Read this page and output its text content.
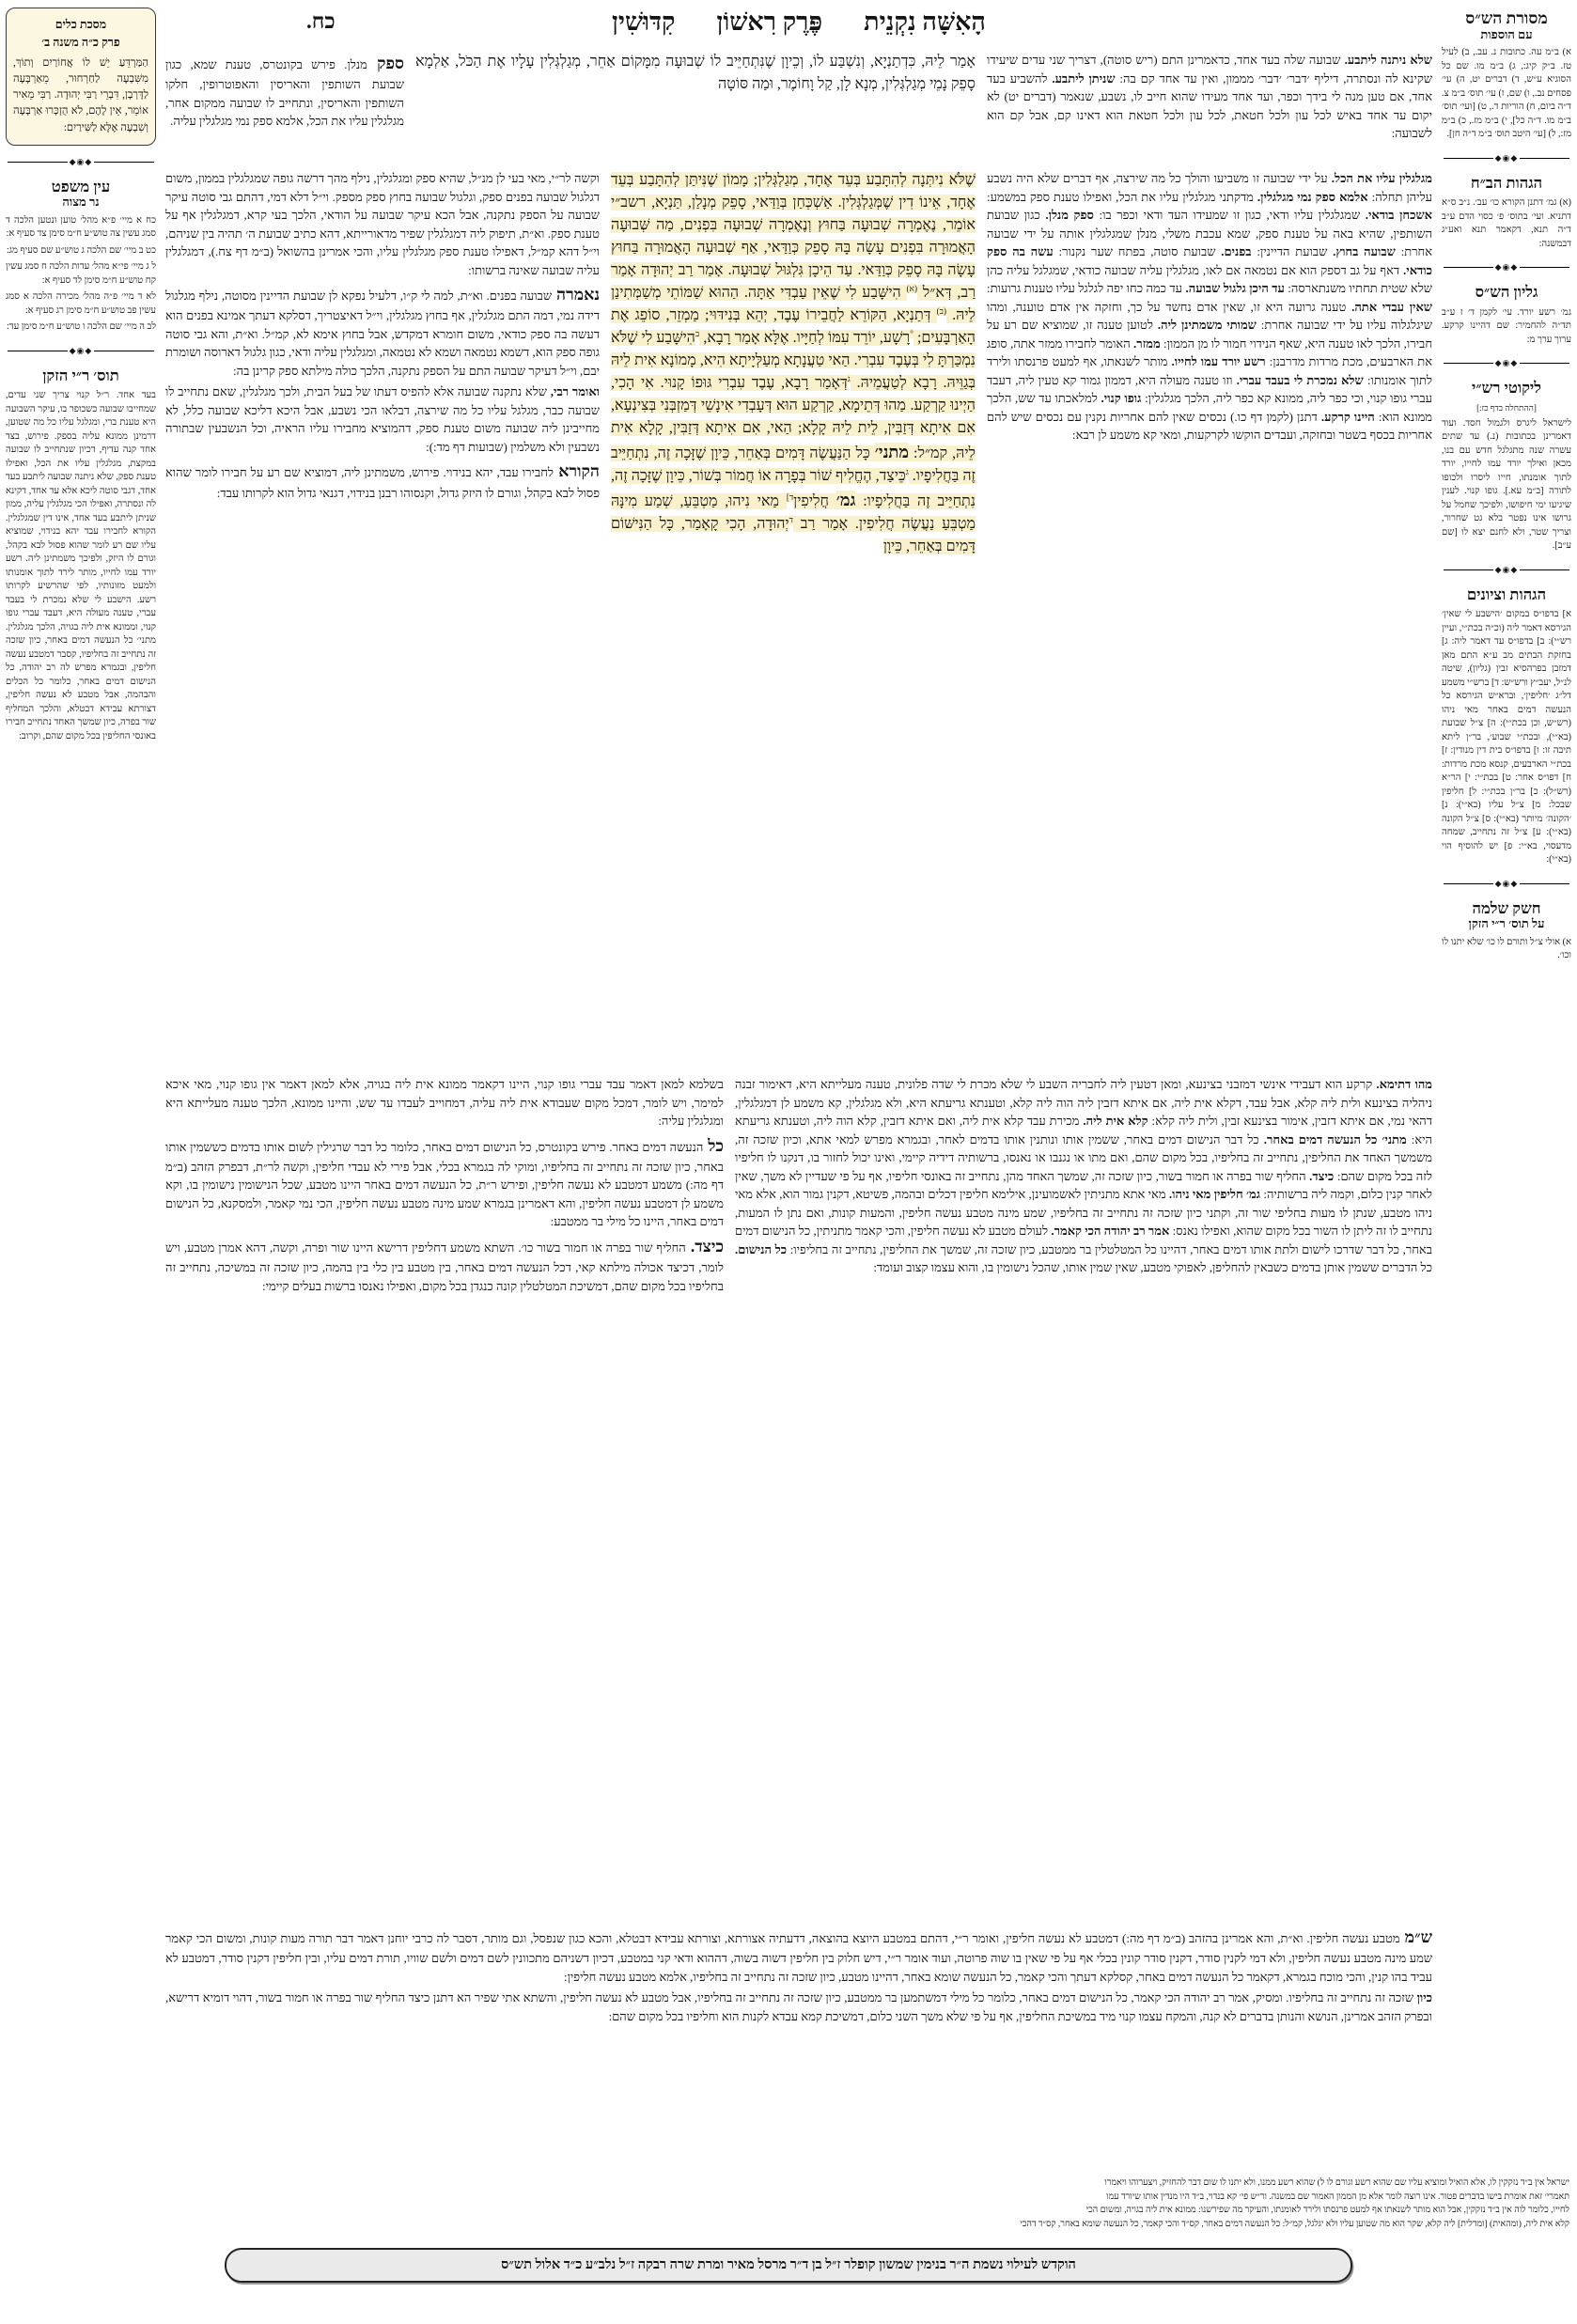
מסורת הש״ס
עם הוספות
א) ב״מ עה. כתובות נ. עב., ב) לעיל טז. ב״ק קיג:, ג) ב״מ מו. שם כל הסוגיא ע״ש, ד) דברים יט, ה) עי׳ פסחים נב., ו) שם, ז) עי׳ תוס׳ ב״מ צ. ד״ה ביום, ח) הוריות ד., ט) [ועי׳ תוס׳ ב״מ מו. ד״ה כל], י) ב״מ מז., כ) ב״מ מז:, ל) [עי׳ היטב תוס׳ ב״מ ד״ה חן].
◆◉◆
הגהות הב״ח
(א) גמ׳ דתנן הקורא כו׳ עב׳. נ״ב ס״א דתניא. ועי׳ בתוס׳ פ׳ כסוי הדם ע״ב ד״ה תנא, דקאמר תנא ואע״ג דבמשנה:
◆◉◆
גליון הש״ס
גמ׳ רשע יורד. עי׳ לקמן ד׳ ז ע״ב תד״ה להחמיר: שם דהיינו קרקע. ערוך ערך מ:
◆◉◆
ליקוטי רש״י
[ההתחלה בדף כז:]
לישראל ליגרס ולגמול חסד. ועוד דאמרינן בכתובות (נ.) עד שתים עשרה שנה מתגלגל חדש עם בנו, מכאן ואילך יורד עמו לחייו, יורד לתוך אומנתו, חייו ליסרו ולכופו לתורה [ב״מ עא.]. גופו קנוי. לענין שיגיעו ימי חיפושו, ולפיכך שחמל על גרושו אינו נפטר בלא גט שחרור, וצריך שטר, ולא לחנם יצא לו [שם ע״ב].
◆◉◆
הגהות וציונים
א] בדפו״ס במקום ׳הישבע לי שאין׳ הגירסא דאמר ליה (וכ״ה בכת״י, ועיין רש״י): ב] בדפו״ס עד דאמר ליה: ג] בחזקת הבתים מב ע״א התם מאן דמזבן בפרהסיא זבין (גליון), שיטה לנ״ל, יעב״ץ ורש״ש: ד] ברש״י משמע דל״ג ׳חליפין׳, וברא״ש הגירסא כל הנעשה דמים באחר מאי ניהו (רש״ש, וכן בכת״י): ה] צ״ל שבועת (בא״י), ובכת״י שבוע׳, בר״ן ליתא תיבה זו: ו] בדפו״ס בית דין מנודין: ז] בכת״י הארבעים, קנסא מכת מרדות: ח] דפו״ס אחר: ט] בכת״י: י] הר״א (רש״ל): כ] בר״ן בכת״י: ל] חליפין שבכל: מ] צ״ל עליו (בא״י): נ] ׳הקונה׳ מיותר (בא״י): ס] צ״ל הקונה (בא״י): ע] צ״ל זה נתחייב, שמחה מדעסוי, בא״י: פ] יש להוסיף הוי (בא״י):
◆◉◆
חשק שלמה
על תוס׳ ר״י הזקן
א) אולי צ״ל ותורם לו כו׳ שלא יתנו לו וכו׳.
כח.	הָאִשָּׁה נִקְנֵית
פֶּרֶק רִאשׁוֹן
קִדּוּשִׁין

שלא ניתנה ליתבע. שבועה שלה בעד אחד, כדאמרינן התם (ריש סוטה), דצריך שני עדים שיעידו שקינא לה ונסתרה, דיליף ׳דבר׳ ׳דבר׳ מממון, ואין עד אחד קם בה:

שניתן ליתבע. להשביע בעד אחד, אם טען מנה לי בידך וכפר, ועד אחד מעידו שהוא חייב לו, נשבע, שנאמר (דברים יט) לא יקום עד אחד באיש לכל עון ולכל חטאת, לכל עון ולכל חטאת הוא דאינו קם, אבל קם הוא לשבועה:

אָמַר לֵיהּ, כִּדְתַנְיָא, וְנִשְׁבַּע לוֹ, וְכֵיוָן שֶׁנִּתְחַיֵּיב לוֹ שְׁבוּעָה מִמָּקוֹם אַחֵר, מְגַלְגְּלִין עָלָיו אֶת הַכֹּל, אַלְמָא סָפֵק נָמֵי מְגַלְגְּלִין, מְנָא לָן, קַל וָחוֹמֶר, וּמַה סּוֹטָה

ספק מנלן. פירש בקונטרס, טענת שמא, כגון שבועת השותפין והאריסין והאפוטרופין, חלקו השותפין והאריסין, ונתחייב לו שבועה ממקום אחר, מגלגלין עליו את הכל, אלמא ספק נמי מגלגלין עליה.

מגלגלין עליו את הכל. על ידי שבועה זו משביעו והולך כל מה שירצה, אף דברים שלא היה נשבע עליהן תחלה:

אלמא ספק נמי מגלגלין. מדקתני מגלגלין עליו את הכל, ואפילו טענת ספק במשמע:

אשכחן בודאי. שמגלגלין עליו ודאי, כגון זו שמעידו העד ודאי וכפר בו:

ספק מנלן. כגון שבועת השותפין, שהיא באה על טענת ספק, שמא עכבת משלי, מנלן שמגלגלין אותה על ידי שבועה אחרת:

שבועה בחוץ. שבועת הדיינין:

בפנים. שבועת סוטה, בפתח שער נקנור:

עשה בה ספק כודאי. דאף על גב דספק הוא אם נטמאה אם לאו, מגלגלין עליה שבועה כודאי, שמגלגל עליה כהן שלא שטית תחתיו משנתארסה:

עד היכן גלגול שבועה. עד כמה כחו יפה לגלגל עליו טענות גרועות:

שאין עבדי אתה. טענה גרועה היא זו, שאין אדם נחשד על כך, וחזקה אין אדם טוענה, ומהו שיגלגלוה עליו על ידי שבועה אחרת:

שמותי משמתינן ליה. לטוען טענה זו, שמוציא שם רע על חבירו, הלכך לאו טענה היא, שאף הנידוי חמור לו מן הממון:

ממזר. האומר לחבירו ממזר אתה, סופג את הארבעים, מכת מרדות מדרבנן:

רשע יורד עמו לחייו. מותר לשנאתו, אף למעט פרנסתו ולירד לתוך אומנותו:

שלא נמכרת לי בעבד עברי. וזו טענה מעולה היא, דממון גמור קא טעין ליה, דעבד עברי גופו קנוי, וכי כפר ליה, ממונא קא כפר ליה, הלכך מגלגלין:

גופו קנוי. למלאכתו עד שש, הלכך ממונא הוא:

היינו קרקע. דתנן (לקמן דף כו.) נכסים שאין להם אחריות נקנין עם נכסים שיש להם אחריות בכסף בשטר ובחזקה, ועבדים הוקשו לקרקעות, ומאי קא משמע לן רבא:

שֶׁלֹּא נִיתְּנָה לְהִתָּבַע בְּעֵד אֶחָד, מְגַלְגְּלִין; מָמוֹן שֶׁנִּיתַּן לְהִתָּבַע בְּעֵד אֶחָד, אֵינוֹ דִין שֶׁמְּגַלְגְּלִין. אַשְׁכְּחַן בְּוַדַּאי, סָפֵק מְנָלַן, תַּנְיָא, רשב״י אוֹמֵר, נֶאֶמְרָה שְׁבוּעָה בַּחוּץ וְנֶאֶמְרָה שְׁבוּעָה בִּפְנִים, מַה שְּׁבוּעָה הָאֲמוּרָה בִּפְנִים עָשָׂה בָּהּ סָפֵק כְּוַדַּאי, אַף שְׁבוּעָה הָאֲמוּרָה בַּחוּץ עָשָׂה בָּהּ סָפֵק כְּוַדַּאי. עַד הֵיכָן גִּלְגּוּל שְׁבוּעָה. אָמַר רַב יְהוּדָה אָמַר רַב, דְּא״ל $^{(א)}$ הִישָּׁבַע לִי שֶׁאֵין עַבְדִּי אַתָּה. הַהוּא שַׁמּוֹתֵי מְשַׁמְּתִינַן לֵיהּ. $^{(ב)}$ דְּתַנְיָא, הַקּוֹרֵא לַחֲבֵירוֹ עֶבֶד, יְהֵא בְּנִידּוּי; מַמְזֵר, סוֹפֵג אֶת הָאַרְבָּעִים; °רָשָׁע, יוֹרֵד עִמּוֹ לְחַיָּיו. אֶלָּא אָמַר רָבָא, $^ב$הִישָּׁבַע לִי שֶׁלֹּא נִמְכַּרְתָּ לִי בְּעֶבֶד עִבְרִי. הַאי טַעֲנָתָא מְעַלְּיָיתָא הִיא, מָמוֹנָא אִית לֵיהּ בְּגַוֵּיהּ. רָבָא לְטַעֲמֵיהּ. $^ג$דְּאָמַר רָבָא, עֶבֶד עִבְרִי גּוּפוֹ קָנוּי. אִי הָכִי, הַיְינוּ קַרְקַע. מַהוּ דְּתֵימָא, קַרְקַע הוּא דְּעָבְדִי אִינָשֵׁי דְּמַזְבְּנִי בְּצִינְעָא, אִם אִיתָא דְּזַבִּין, לֵית לֵיהּ קָלָא; הַאי, אִם אִיתָא דְּזַבִּין, קָלָא אִית לֵיהּ, קמ״ל: מתני׳ כָּל הַנַּעֲשֶׂה דָּמִים בְּאַחֵר, כֵּיוָן שֶׁזָּכָה זֶה, נִתְחַיֵּיב זֶה בַּחֲלִיפָיו. $^ג$כֵּיצַד, הֶחֱלִיף שׁוֹר בְּפָרָה אוֹ חֲמוֹר בְּשׁוֹר, כֵּיוָן שֶׁזָּכָה זֶה, נִתְחַיֵּיב זֶה בַּחֲלִיפָיו: גמ׳ חֲלִיפִין$^{ד]}$ מַאי נִיהוּ, מַטְבֵּעַ, שְׁמַע מִינָּהּ מַטְבֵּעַ נַעֲשֶׂה חֲלִיפִין. אָמַר רַב $^ד$יְהוּדָה, הָכִי קָאָמַר, כָּל הַנִּישּׁוֹם דָּמִים בְּאַחֵר, כֵּיוָן

וקשה לר״י, מאי בעי לן מנ״ל, שהיא ספק ומגלגלין, נילף מהך דרשה גופה שמגלגלין בממון, משום דגלגול שבועה בפנים ספק, וגלגול שבועה בחוץ ספק מספק. וי״ל דלא דמי, דהתם גבי סוטה עיקר שבועה על הספק נתקנה, אבל הכא עיקר שבועה על הודאי, הלכך בעי קרא, דמגלגלין אף על טענת ספק. וא״ת, תיפוק ליה דמגלגלין שפיר מדאורייתא, דהא כתיב שבועת ה׳ תהיה בין שניהם, וי״ל דהא קמ״ל, דאפילו טענת ספק מגלגלין עליו, והכי אמרינן בהשואל (ב״מ דף צח.), דמגלגלין עליה שבועה שאינה ברשותו:

נאמרה שבועה בפנים. וא״ת, למה לי ק״ו, דלעיל נפקא לן שבועת הדיינין מסוטה, נילף מגלגול דידה נמי, דמה התם מגלגלין, אף בחוץ מגלגלין, וי״ל דאיצטריך, דסלקא דעתך אמינא בפנים הוא דעשה בה ספק כודאי, משום חומרא דמקדש, אבל בחוץ אימא לא, קמ״ל. וא״ת, והא גבי סוטה גופה ספק הוא, דשמא נטמאה ושמא לא נטמאה, ומגלגלין עליה ודאי, כגון גלגול דארוסה ושומרת יבם, וי״ל דעיקר שבועה התם על הספק נתקנה, הלכך כולה מילתא ספק קרינן בה:

ואומר רבי, שלא נתקנה שבועה אלא להפיס דעתו של בעל הבית, ולכך מגלגלין, שאם נתחייב לו שבועה כבר, מגלגל עליו כל מה שירצה, דבלאו הכי נשבע, אבל היכא דליכא שבועה כלל, לא מחייבינן ליה שבועה משום טענת ספק, דהמוציא מחבירו עליו הראיה, וכל הנשבעין שבתורה נשבעין ולא משלמין (שבועות דף מד:):

הקורא לחבירו עבד, יהא בנידוי. פירוש, משמתינן ליה, דמוציא שם רע על חבירו לומר שהוא פסול לבא בקהל, וגורם לו היזק גדול, וקנסוהו רבנן בנידוי, דגנאי גדול הוא לקרותו עבד:

מהו דתימא. קרקע הוא דעבידי אינשי דמזבני בצינעא, ומאן דטעין ליה לחבריה השבע לי שלא מכרת לי שדה פלונית, טענה מעלייתא היא, דאימור זבנה ניהליה בצינעא ולית ליה קלא, אבל עבד, דקלא אית ליה, אם איתא דזבין ליה הוה ליה קלא, וטענתא גריעתא היא, ולא מגלגלין, קא משמע לן דמגלגלין, דהאי נמי, אם איתא דזבין, אימור בצינעא זבין, ולית ליה קלא:

קלא אית ליה. מכירת עבד קלא אית ליה, ואם איתא דזבין, קלא הוה ליה, וטענתא גריעתא היא:

מתני׳ כל הנעשה דמים באחר. כל דבר הנישום דמים באחר, ששמין אותו ונותנין אותו בדמים לאחר, ובגמרא מפרש למאי אתא, וכיון שזכה זה, משמשך האחד את החליפין, נתחייב זה בחליפיו, בכל מקום שהם, ואם מתו או נגנבו או נאנסו, ברשותיה דידיה קיימי, ואינו יכול לחזור בו, דנקנו לו חליפיו לזה בכל מקום שהם:

כיצד. החליף שור בפרה או חמור בשור, כיון שזכה זה, שמשך האחד מהן, נתחייב זה באונסי חליפיו, אף על פי שעדיין לא משך, שאין לאחר קנין כלום, וקמה ליה ברשותיה:

גמ׳ חליפין מאי ניהו. מאי אתא מתניתין לאשמועינן, אילימא חליפין דכלים ובהמה, פשיטא, דקנין גמור הוא, אלא מאי ניהו מטבע, שנתן לו מעות בחליפי שור זה, וקתני כיון שזכה זה נתחייב זה בחליפיו, שמע מינה מטבע נעשה חליפין, והמעות קונות, ואם נתן לו המעות, נתחייב לו זה ליתן לו השור בכל מקום שהוא, ואפילו נאנס:

אמר רב יהודה הכי קאמר. לעולם מטבע לא נעשה חליפין, והכי קאמר מתניתין, כל הנישום דמים באחר, כל דבר שדרכו לישום ולתת אותו דמים באחר, דהיינו כל המטלטלין בר ממטבע, כיון שזכה זה, שמשך את החליפין, נתחייב זה בחליפיו:

כל הנישום. כל הדברים ששמין אותן בדמים כשבאין להחליפן, לאפוקי מטבע, שאין שמין אותו, שהכל נישומין בו, והוא עצמו קצוב ועומד:

בשלמא למאן דאמר עבד עברי גופו קנוי, היינו דקאמר ממונא אית ליה בגויה, אלא למאן דאמר אין גופו קנוי, מאי איכא למימר, ויש לומר, דמכל מקום שעבודא אית ליה עליה, דמחוייב לעבדו עד שש, והיינו ממונא, הלכך טענה מעלייתא היא ומגלגלין עליה:

כל הנעשה דמים באחר. פירש בקונטרס, כל הנישום דמים באחר, כלומר כל דבר שרגילין לשום אותו בדמים כששמין אותו באחר, כיון שזכה זה נתחייב זה בחליפיו, ומוקי לה בגמרא בכלי, אבל פירי לא עבדי חליפין, וקשה לר״ת, דבפרק הזהב (ב״מ דף מה:) משמע דמטבע לא נעשה חליפין, ופירש ר״ת, כל הנעשה דמים באחר היינו מטבע, שכל הנישומין נישומין בו, וקא משמע לן דמטבע נעשה חליפין, והא דאמרינן בגמרא שמע מינה מטבע נעשה חליפין, הכי נמי קאמר, ולמסקנא, כל הנישום דמים באחר, היינו כל מילי בר ממטבע:

כיצד. החליף שור בפרה או חמור בשור כו׳. השתא משמע דחליפין דרישא היינו שור ופרה, וקשה, דהא אמרן מטבע, ויש לומר, דכיצד אכולה מילתא קאי, דכל הנעשה דמים באחר, בין מטבע בין כלי בין בהמה, כיון שזכה זה במשיכה, נתחייב זה בחליפיו בכל מקום שהם, דמשיכת המטלטלין קונה כנגדן בכל מקום, ואפילו נאנסו ברשות בעלים קיימי:

ש״מ מטבע נעשה חליפין. וא״ת, והא אמרינן בהזהב (ב״מ דף מה:) דמטבע לא נעשה חליפין, ואומר ר״י, דהתם במטבע היוצא בהוצאה, דדעתיה אצורתא, וצורתא עבידא דבטלא, והכא כגון שנפסל, וגם מותר, דסבר לה כרבי יוחנן דאמר דבר תורה מעות קונות, ומשום הכי קאמר שמע מינה מטבע נעשה חליפין, ולא דמי לקנין סודר, דקנין סודר קונין בכלי אף על פי שאין בו שוה פרוטה, ועוד אומר ר״י, דיש חלוק בין חליפין דשוה בשוה, דההוא ודאי קני במטבע, דכיון דשניהם מתכוונין לשם דמים ולשם שוויו, תורת דמים עליו, ובין חליפין דקנין סודר, דמטבע לא עביד בהו קנין, והכי מוכח בגמרא, דקאמר כל הנעשה דמים באחר, קסלקא דעתך והכי קאמר, כל הנעשה שומא באחר, דהיינו מטבע, כיון שזכה זה נתחייב זה בחליפיו, אלמא מטבע נעשה חליפין:

כיון שזכה זה נתחייב זה בחליפיו. ומסיק, אמר רב יהודה הכי קאמר, כל הנישום דמים באחר, כלומר כל מילי דמשתמען בר ממטבע, כיון שזכה זה נתחייב זה בחליפיו, אבל מטבע לא נעשה חליפין, והשתא אתי שפיר הא דתנן כיצד החליף שור בפרה או חמור בשור, דהוי דומיא דרישא, ובפרק הזהב אמרינן, הנושא והנותן בדברים לא קנה, והמקח עצמו קנוי מיד במשיכת החליפין, אף על פי שלא משך השני כלום, דמשיכת קמא עבדא לקנות הוא וחליפיו בכל מקום שהם:

מסכת כלים
פרק כ״ה משנה ב׳
הַמַּרְדֵּעַ יֵשׁ לוֹ אֲחוֹרַיִם וְתוֹךְ, מִשִּׁבְעָה לַחַרְחוּר, מֵאַרְבָּעָה לַדָּרְבָן, דִּבְרֵי רַבִּי יְהוּדָה. רַבִּי מֵאִיר אוֹמֵר, אֵין לָהֶם, לֹא הֻזְכְּרוּ אַרְבָּעָה וְשִׁבְעָה אֶלָּא לַשִּׁירַיִם:
◆◉◆
עין משפט
נר מצוה
כח א מיי׳ פ״א מהל׳ טוען ונטען הלכה ד סמג עשין צה טוש״ע ח״מ סימן צד סעיף א:
כט ב מיי׳ שם הלכה ג טוש״ע שם סעיף מג:
ל ג מיי׳ פי״א מהל׳ עדות הלכה ח סמג עשין קח טוש״ע ח״מ סימן לד סעיף א:
לא ד מיי׳ פ״ה מהל׳ מכירה הלכה א סמג עשין פב טוש״ע ח״מ סימן רג סעיף א:
לב ה מיי׳ שם הלכה ו טוש״ע ח״מ סימן עד:
◆◉◆
תוס׳ ר״י הזקן
בעד אחד. ר״ל קנוי צריך שני עדים, שמחייבו שבועה כשכופר בו, עיקר השבועה היא טענת ברי, ומגלגל עליו כל מה שטוען, דרמינן ממונא עליה בספק. פירוש, בצד אחד קנה עדיף, דכיון שנתחייב לו שבועה במקצת, מגלגלין עליו את הכל, ואפילו טענת ספק, שלא ניתנה שבועה ליתבע בעד אחד, דגבי סוטה ליכא אלא עד אחד, דקינא לה ונסתרה, ואפילו הכי מגלגלין עליה, ממון שניתן ליתבע בעד אחד, אינו דין שמגלגלין. הקורא לחבירו עבד יהא בנידוי, שמוציא עליו שם רע לומר שהוא פסול לבא בקהל, וגורם לו היזק, ולפיכך משמתינן ליה. רשע יורד עמו לחייו, מותר לירד לתוך אומנותו ולמעט מזונותיו, לפי שהרשיע לקרותו רשע. הישבע לי שלא נמכרת לי בעבד עברי, טענה מעולה היא, דעבד עברי גופו קנוי, וממונא אית ליה בגויה, הלכך מגלגלין. מתני׳ כל הנעשה דמים באחר, כיון שזכה זה נתחייב זה בחליפיו, קסבר דמטבע נעשה חליפין, ובגמרא מפרש לה רב יהודה, כל הנישום דמים באחר, כלומר כל הכלים והבהמה, אבל מטבע לא נעשה חליפין, דצורתא עבידא דבטלא, והלכך המחליף שור בפרה, כיון שמשך האחד נתחייב חבירו באונסי החליפין בכל מקום שהם, וקרוב:
ישראל אין ב״ד נזקקין לו, אלא הואיל ומוציא עליו שם שהוא רשע וגורם לו ל) שהוא רשע ממנו, ולא יתנו לו שום דבר להחזיק, ויצערוהו ויאמרו
תאמרי׳ זאת אומרת בישו בדברים פטור. אינו רוצה לומר אלא מן הממון האמור שם במשנה. ור״ש פי׳ קא בנדוי, ב״ד היו מנדין אותו שיורד עמו
לחייו, כלומר לוה אין ב״ד נזקקין, אבל הוא מותר לשנאתו אף למעט פרנסתו ולירד לאומנתו, והעיקר מה שפירשנו: ממונא אית ליה בגויה, ומשום הכי
קלא אית ליה, (ומהאית) [ומדלית] ליה קלא, שקר הוא מה שטוען עליו ולא יגלגל, קמ״ל: כל הנעשה דמים באחר, קס״ד והכי קאמר, כל הנעשה שומא באחר, קס״ד דהכי
הוקדש לעילוי נשמת ה״ר בנימין שמשון קופלר ז״ל בן ד״ר מרסל מאיר ומרת שרה רבקה ז״ל נלב״ע כ״ד אלול תש״ס
